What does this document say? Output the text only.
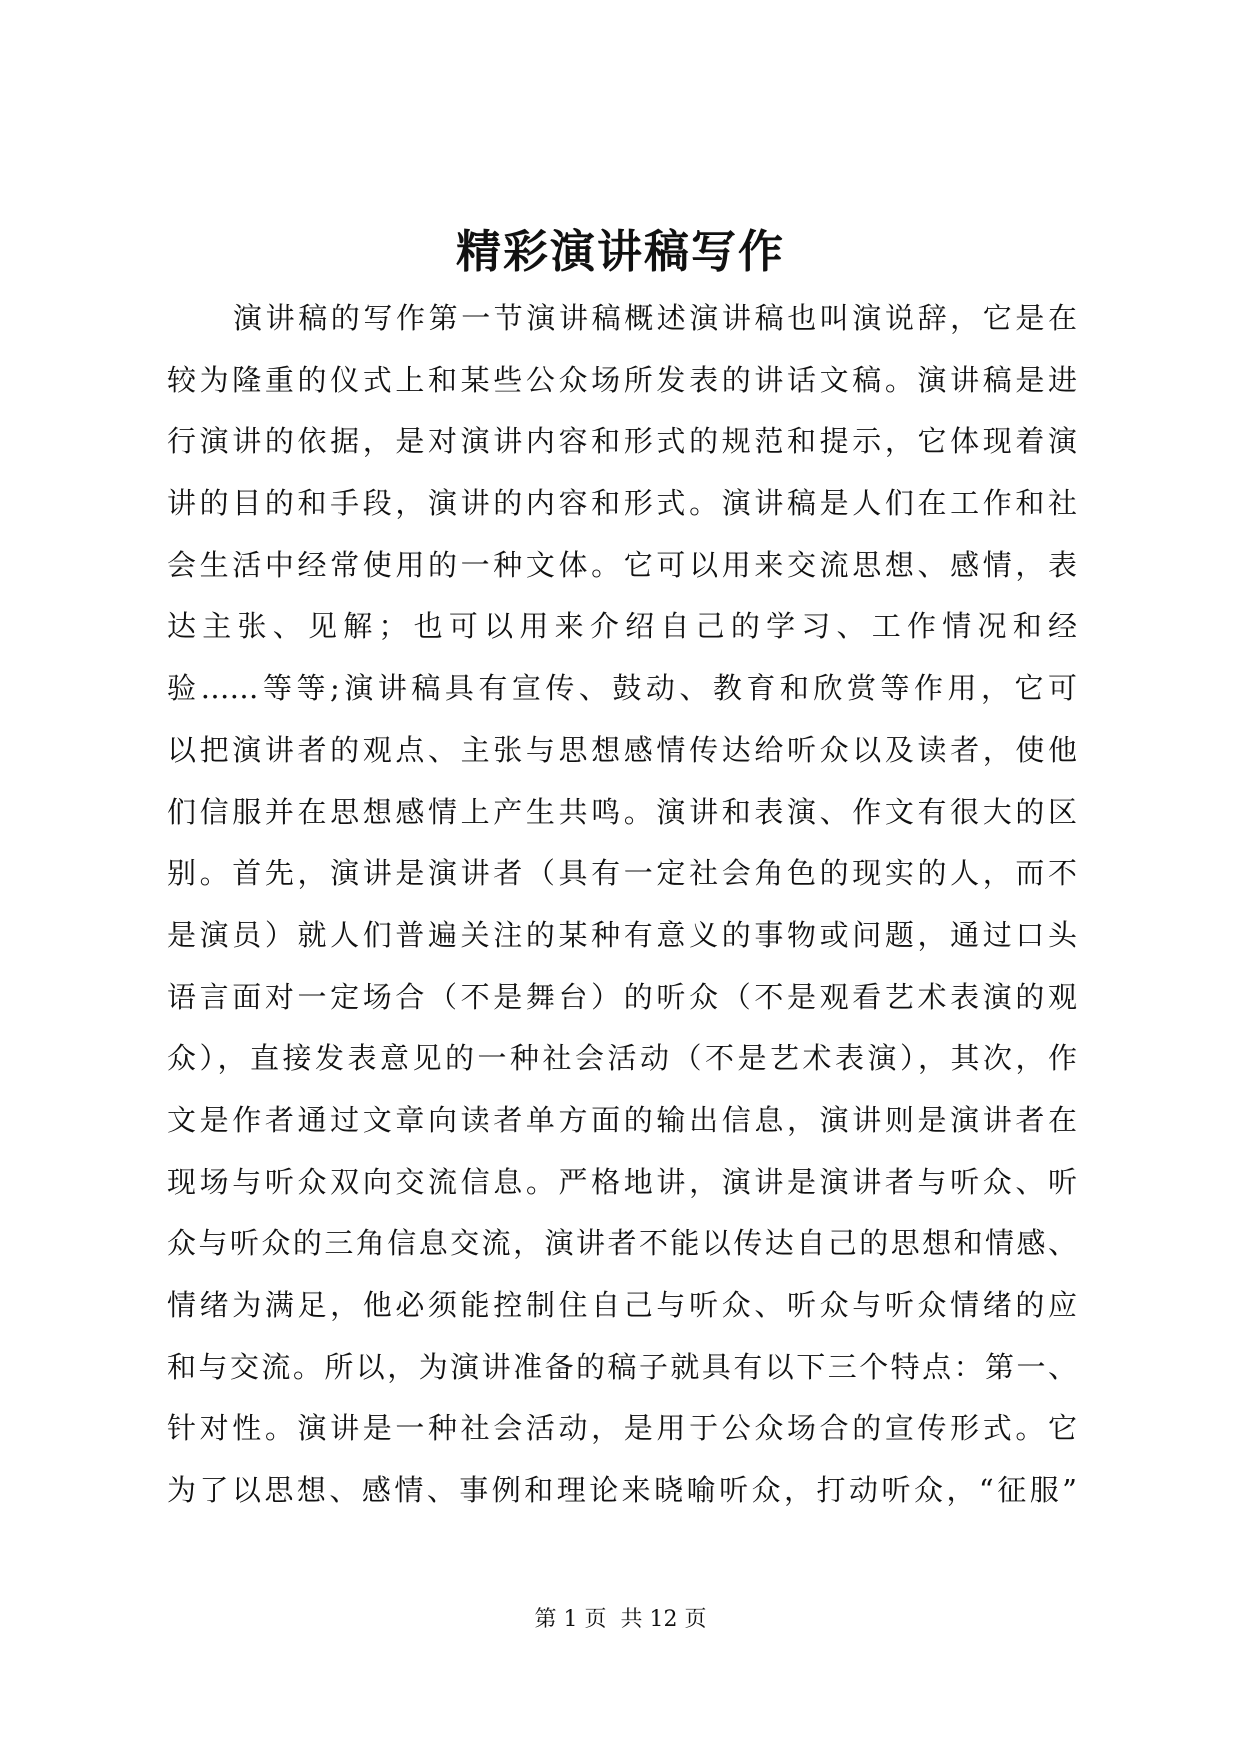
精彩演讲稿写作
演讲稿的写作第一节演讲稿概述演讲稿也叫演说辞，它是在
较为隆重的仪式上和某些公众场所发表的讲话文稿。演讲稿是进
行演讲的依据，是对演讲内容和形式的规范和提示，它体现着演
讲的目的和手段，演讲的内容和形式。演讲稿是人们在工作和社
会生活中经常使用的一种文体。它可以用来交流思想、感情，表
达主张、见解；也可以用来介绍自己的学习、工作情况和经
验……等等;演讲稿具有宣传、鼓动、教育和欣赏等作用，它可
以把演讲者的观点、主张与思想感情传达给听众以及读者，使他
们信服并在思想感情上产生共鸣。演讲和表演、作文有很大的区
别。首先，演讲是演讲者（具有一定社会角色的现实的人，而不
是演员）就人们普遍关注的某种有意义的事物或问题，通过口头
语言面对一定场合（不是舞台）的听众（不是观看艺术表演的观
众），直接发表意见的一种社会活动（不是艺术表演），其次，作
文是作者通过文章向读者单方面的输出信息，演讲则是演讲者在
现场与听众双向交流信息。严格地讲，演讲是演讲者与听众、听
众与听众的三角信息交流，演讲者不能以传达自己的思想和情感、
情绪为满足，他必须能控制住自己与听众、听众与听众情绪的应
和与交流。所以，为演讲准备的稿子就具有以下三个特点：第一、
针对性。演讲是一种社会活动，是用于公众场合的宣传形式。它
为了以思想、感情、事例和理论来晓喻听众，打动听众，“征服”
第 1 页  共 12 页
